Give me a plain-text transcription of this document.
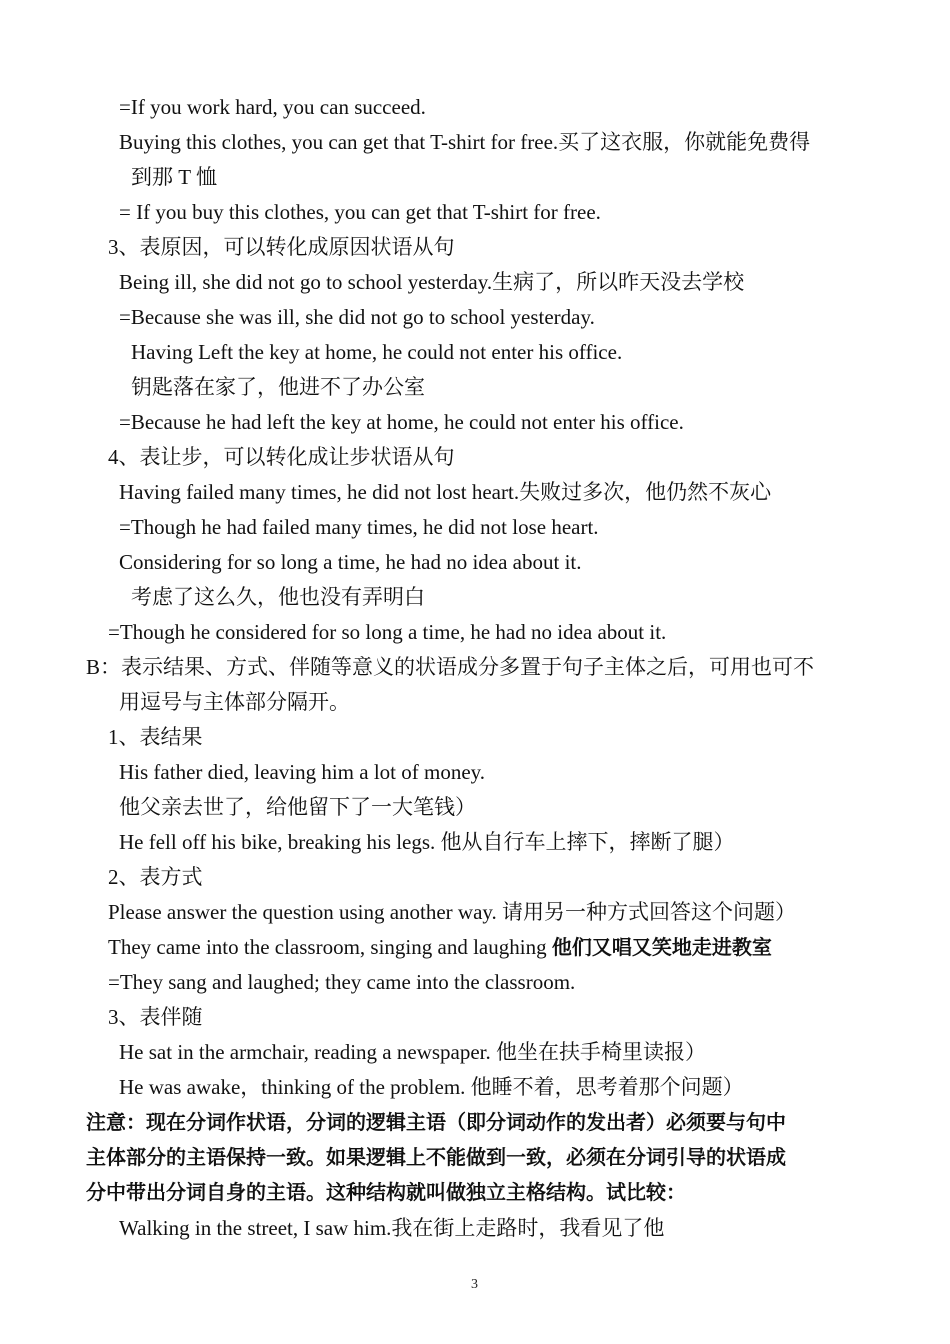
=If you work hard, you can succeed.
Buying this clothes, you can get that T-shirt for free.买了这衣服，你就能免费得
到那 T 恤
= If you buy this clothes, you can get that T-shirt for free.
3、表原因，可以转化成原因状语从句
Being ill, she did not go to school yesterday.生病了，所以昨天没去学校
=Because she was ill, she did not go to school yesterday.
Having Left the key at home, he could not enter his office.
钥匙落在家了，他进不了办公室
=Because he had left the key at home, he could not enter his office.
4、表让步，可以转化成让步状语从句
Having failed many times, he did not lost heart.失败过多次，他仍然不灰心
=Though he had failed many times, he did not lose heart.
Considering for so long a time, he had no idea about it.
考虑了这么久，他也没有弄明白
=Though he considered for so long a time, he had no idea about it.
B：表示结果、方式、伴随等意义的状语成分多置于句子主体之后，可用也可不
用逗号与主体部分隔开。
1、表结果
His father died, leaving him a lot of money.
他父亲去世了，给他留下了一大笔钱）
He fell off his bike, breaking his legs. 他从自行车上摔下，摔断了腿）
2、表方式
Please answer the question using another way. 请用另一种方式回答这个问题）
They came into the classroom, singing and laughing 他们又唱又笑地走进教室
=They sang and laughed; they came into the classroom.
3、表伴随
He sat in the armchair, reading a newspaper. 他坐在扶手椅里读报）
He was awake，thinking of the problem. 他睡不着，思考着那个问题）
注意：现在分词作状语，分词的逻辑主语（即分词动作的发出者）必须要与句中
主体部分的主语保持一致。如果逻辑上不能做到一致，必须在分词引导的状语成
分中带出分词自身的主语。这种结构就叫做独立主格结构。试比较：
Walking in the street, I saw him.我在街上走路时，我看见了他
3
